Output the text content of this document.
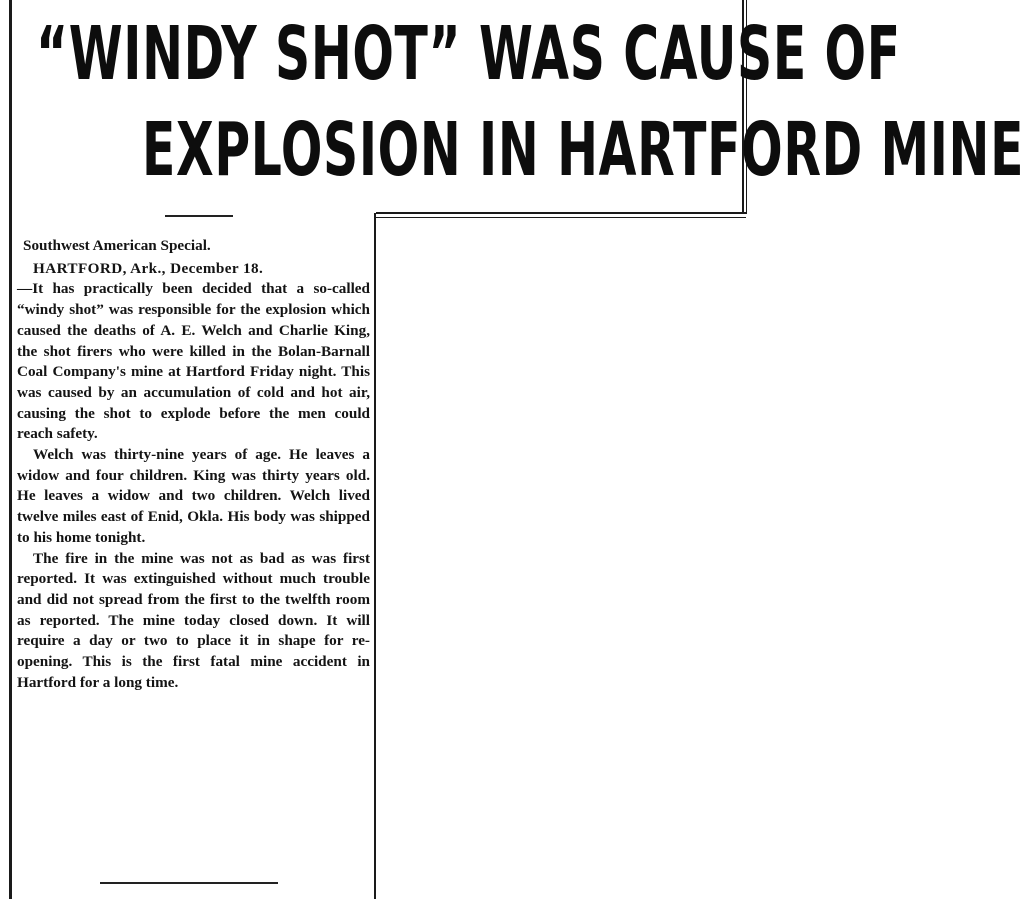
“WINDY SHOT” WAS CAUSE OF
EXPLOSION IN HARTFORD MINE

Southwest American Special.

HARTFORD, Ark., December 18.

—It has practically been decided that a so-called “windy shot” was responsible for the explosion which caused the deaths of A. E. Welch and Charlie King, the shot firers who were killed in the Bolan-Barnall Coal Company's mine at Hartford Friday night. This was caused by an accumulation of cold and hot air, causing the shot to explode before the men could reach safety.

Welch was thirty-nine years of age. He leaves a widow and four children. King was thirty years old. He leaves a widow and two children. Welch lived twelve miles east of Enid, Okla. His body was shipped to his home tonight.

The fire in the mine was not as bad as was first reported. It was extinguished without much trouble and did not spread from the first to the twelfth room as reported. The mine today closed down. It will require a day or two to place it in shape for re-opening. This is the first fatal mine accident in Hartford for a long time.
